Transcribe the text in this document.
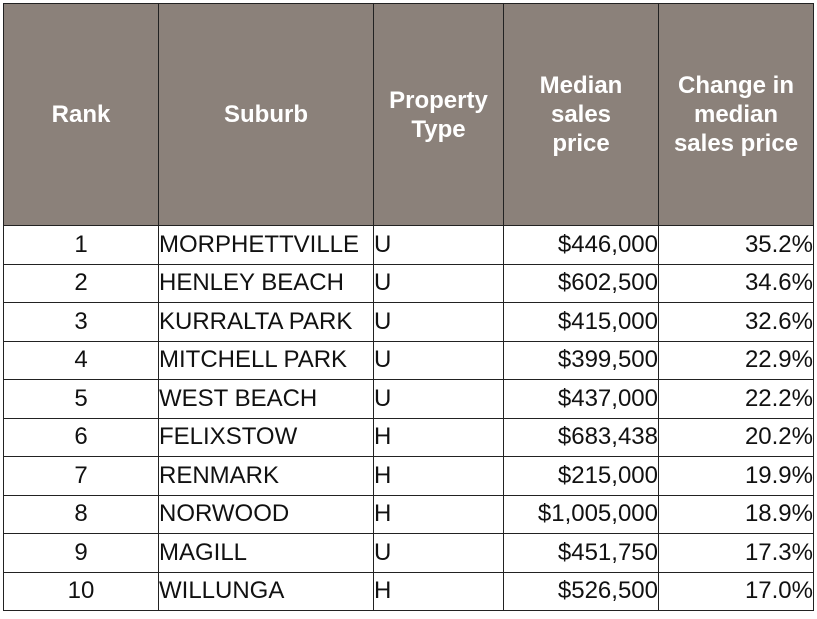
Rank	Suburb	Property Type	Median sales price	Change in median sales price
1	MORPHETTVILLE	U	$446,000	35.2%
2	HENLEY BEACH	U	$602,500	34.6%
3	KURRALTA PARK	U	$415,000	32.6%
4	MITCHELL PARK	U	$399,500	22.9%
5	WEST BEACH	U	$437,000	22.2%
6	FELIXSTOW	H	$683,438	20.2%
7	RENMARK	H	$215,000	19.9%
8	NORWOOD	H	$1,005,000	18.9%
9	MAGILL	U	$451,750	17.3%
10	WILLUNGA	H	$526,500	17.0%
